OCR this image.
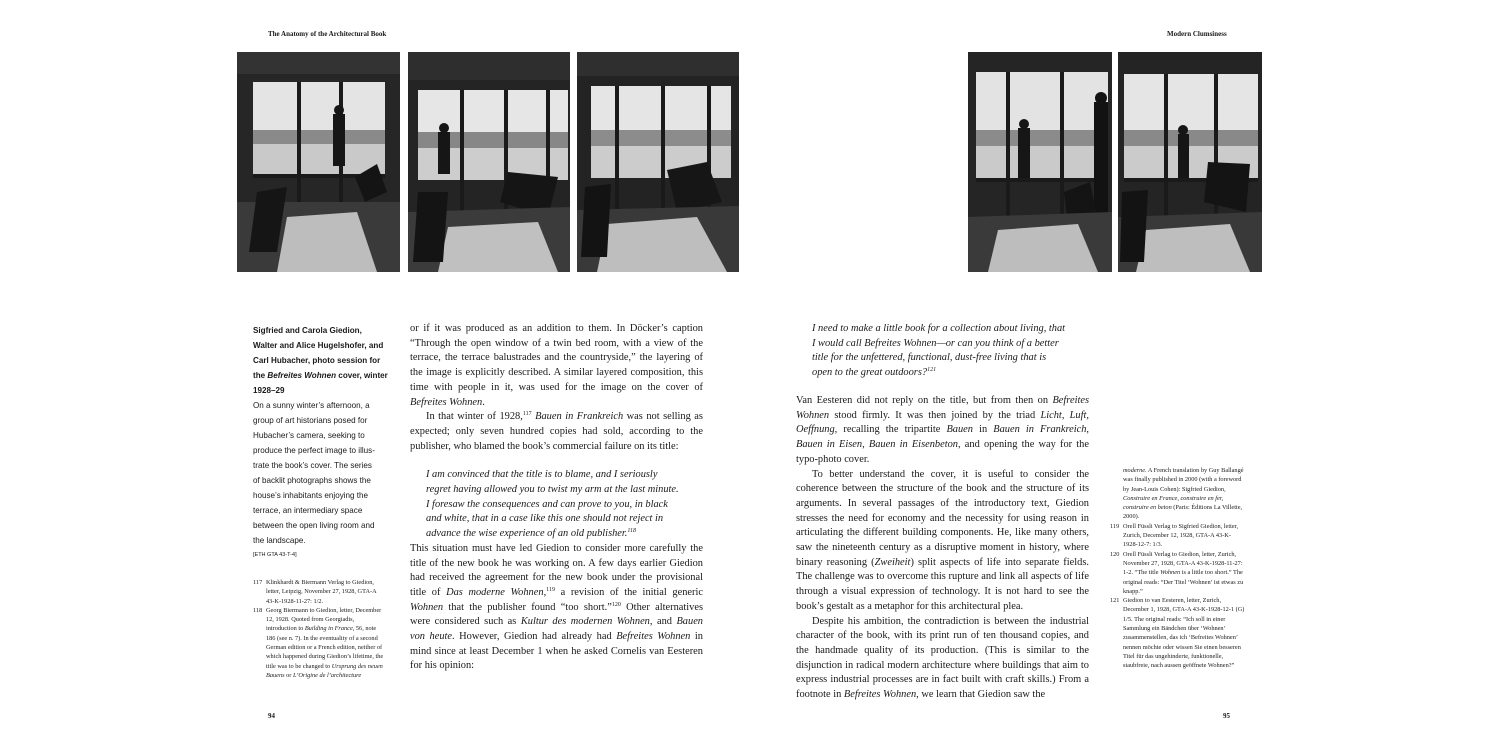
The Anatomy of the Architectural Book
Sigfried and Carola Giedion,
Walter and Alice Hugelshofer, and
Carl Hubacher, photo session for
the Befreites Wohnen cover, winter
1928–29
On a sunny winter’s afternoon, a
group of art historians posed for
Hubacher’s camera, seeking to
produce the perfect image to illus-
trate the book’s cover. The series
of backlit photographs shows the
house’s inhabitants enjoying the
terrace, an intermediary space
between the open living room and
the landscape.
[ETH GTA 43-T-4]
117 Klinkhardt & Biermann Verlag to Giedion, letter, Leipzig, November 27, 1928, GTA-A 43-K-1928-11-27: 1/2.
118 Georg Biermann to Giedion, letter, December 12, 1928. Quoted from Georgiadis, introduction to Building in France, 56, note 186 (see n. 7). In the eventuality of a second German edition or a French edition, neither of which happened during Giedion’s lifetime, the title was to be changed to Ursprung des neuen Bauens or L’Origine de l’architecture

or if it was produced as an addition to them. In Döcker’s caption “Through the open window of a twin bed room, with a view of the terrace, the terrace balustrades and the countryside,” the layering of the image is explicitly described. A similar layered composition, this time with people in it, was used for the image on the cover of Befreites Wohnen.

In that winter of 1928,$^{117}$ Bauen in Frankreich was not selling as expected; only seven hundred copies had sold, according to the publisher, who blamed the book’s commercial failure on its title:

I am convinced that the title is to blame, and I seriously
regret having allowed you to twist my arm at the last minute.
I foresaw the consequences and can prove to you, in black
and white, that in a case like this one should not reject in
advance the wise experience of an old publisher.$^{118}$

This situation must have led Giedion to consider more carefully the title of the new book he was working on. A few days earlier Giedion had received the agreement for the new book under the provisional title of Das moderne Wohnen,$^{119}$ a revision of the initial generic Wohnen that the publisher found “too short.”$^{120}$ Other alternatives were considered such as Kultur des modernen Wohnen, and Bauen von heute. However, Giedion had already had Befreites Wohnen in mind since at least December 1 when he asked Cornelis van Eesteren for his opinion:

94
Modern Clumsiness
I need to make a little book for a collection about living, that
I would call Befreites Wohnen—or can you think of a better
title for the unfettered, functional, dust-free living that is
open to the great outdoors?$^{121}$

Van Eesteren did not reply on the title, but from then on Befreites Wohnen stood firmly. It was then joined by the triad Licht, Luft, Oeffnung, recalling the tripartite Bauen in Bauen in Frankreich, Bauen in Eisen, Bauen in Eisenbeton, and opening the way for the typo-photo cover.

To better understand the cover, it is useful to consider the coherence between the structure of the book and the structure of its arguments. In several passages of the introductory text, Giedion stresses the need for economy and the necessity for using reason in articulating the different building components. He, like many others, saw the nineteenth century as a disruptive moment in history, where binary reasoning (Zweiheit) split aspects of life into separate fields. The challenge was to overcome this rupture and link all aspects of life through a visual expression of technology. It is not hard to see the book’s gestalt as a metaphor for this architectural plea.

Despite his ambition, the contradiction is between the industrial character of the book, with its print run of ten thousand copies, and the handmade quality of its production. (This is similar to the disjunction in radical modern architecture where buildings that aim to express industrial processes are in fact built with craft skills.) From a footnote in Befreites Wohnen, we learn that Giedion saw the

moderne. A French translation by Guy Ballangé was finally published in 2000 (with a foreword by Jean-Louis Cohen): Sigfried Giedion, Construire en France, construire en fer, construire en beton (Paris: Éditions La Villette, 2000).
119 Orell Füssli Verlag to Sigfried Giedion, letter, Zurich, December 12, 1928, GTA-A 43-K-1928-12-7: 1/3.
120 Orell Füssli Verlag to Giedion, letter, Zurich, November 27, 1928, GTA-A 43-K-1928-11-27: 1-2. “The title Wohnen is a little too short.” The original reads: “Der Titel ‘Wohnen’ ist etwas zu knapp.”
121 Giedion to van Eesteren, letter, Zurich, December 1, 1928, GTA-A 43-K-1928-12-1 (G) 1/5. The original reads: “Ich soll in einer Sammlung ein Bändchen über ‘Wohnen’ zusammenstellen, das ich ‘Befreites Wohnen’ nennen möchte oder wissen Sie einen besseren Titel für das ungehinderte, funktionelle, staubfreie, nach aussen geöffnete Wohnen?”
95
